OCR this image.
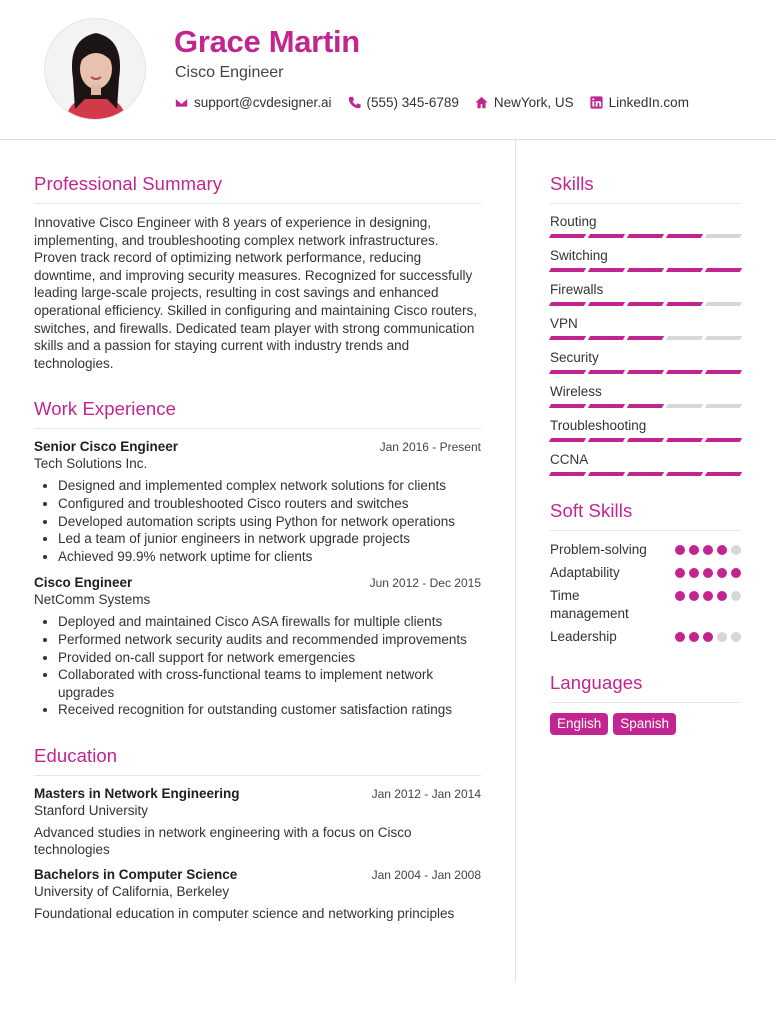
Grace Martin
Cisco Engineer
support@cvdesigner.ai	(555) 345-6789	NewYork, US	LinkedIn.com
Professional Summary

Innovative Cisco Engineer with 8 years of experience in designing, implementing, and troubleshooting complex network infrastructures. Proven track record of optimizing network performance, reducing downtime, and improving security measures. Recognized for successfully leading large-scale projects, resulting in cost savings and enhanced operational efficiency. Skilled in configuring and maintaining Cisco routers, switches, and firewalls. Dedicated team player with strong communication skills and a passion for staying current with industry trends and technologies.

Work Experience
Senior Cisco Engineer	Jan 2016 - Present
Tech Solutions Inc.
• Designed and implemented complex network solutions for clients
• Configured and troubleshooted Cisco routers and switches
• Developed automation scripts using Python for network operations
• Led a team of junior engineers in network upgrade projects
• Achieved 99.9% network uptime for clients
Cisco Engineer	Jun 2012 - Dec 2015
NetComm Systems
• Deployed and maintained Cisco ASA firewalls for multiple clients
• Performed network security audits and recommended improvements
• Provided on-call support for network emergencies
• Collaborated with cross-functional teams to implement network upgrades
• Received recognition for outstanding customer satisfaction ratings
Education
Masters in Network Engineering	Jan 2012 - Jan 2014
Stanford University

Advanced studies in network engineering with a focus on Cisco technologies

Bachelors in Computer Science	Jan 2004 - Jan 2008
University of California, Berkeley

Foundational education in computer science and networking principles

Skills
Routing
Switching
Firewalls
VPN
Security
Wireless
Troubleshooting
CCNA
Soft Skills
Problem-solving
Adaptability
Time management
Leadership
Languages
English	Spanish
